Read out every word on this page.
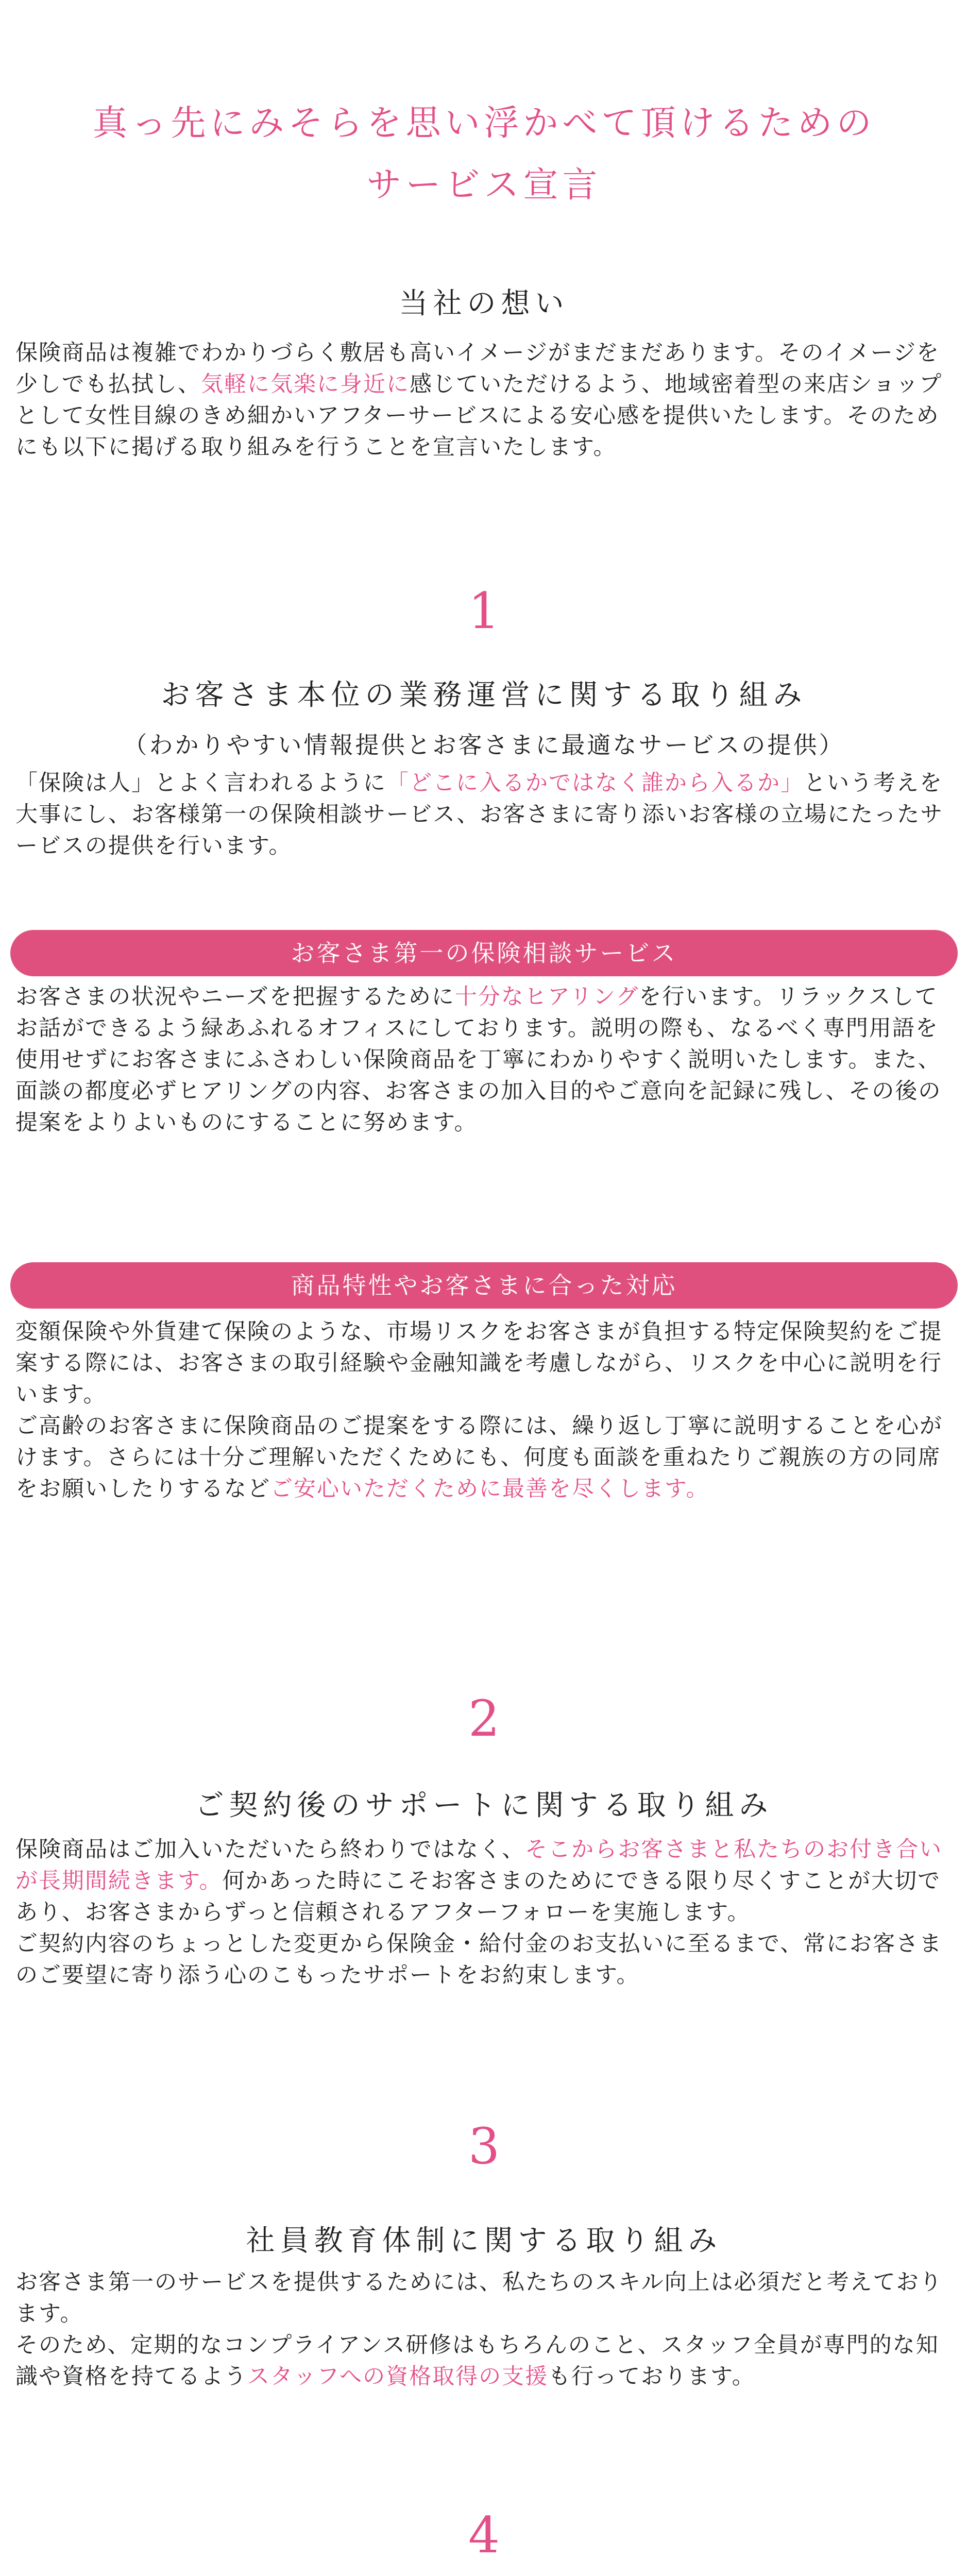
真っ先にみそらを思い浮かべて頂けるための
サービス宣言
当社の想い

保険商品は複雑でわかりづらく敷居も高いイメージがまだまだあります。そのイメージを少しでも払拭し、気軽に気楽に身近に感じていただけるよう、地域密着型の来店ショップとして女性目線のきめ細かいアフターサービスによる安心感を提供いたします。そのためにも以下に掲げる取り組みを行うことを宣言いたします。

1
お客さま本位の業務運営に関する取り組み
（わかりやすい情報提供とお客さまに最適なサービスの提供）

「保険は人」とよく言われるように「どこに入るかではなく誰から入るか」という考えを大事にし、お客様第一の保険相談サービス、お客さまに寄り添いお客様の立場にたったサービスの提供を行います。

お客さま第一の保険相談サービス

お客さまの状況やニーズを把握するために十分なヒアリングを行います。リラックスしてお話ができるよう緑あふれるオフィスにしております。説明の際も、なるべく専門用語を使用せずにお客さまにふさわしい保険商品を丁寧にわかりやすく説明いたします。また、面談の都度必ずヒアリングの内容、お客さまの加入目的やご意向を記録に残し、その後の提案をよりよいものにすることに努めます。

商品特性やお客さまに合った対応

変額保険や外貨建て保険のような、市場リスクをお客さまが負担する特定保険契約をご提案する際には、お客さまの取引経験や金融知識を考慮しながら、リスクを中心に説明を行います。

ご高齢のお客さまに保険商品のご提案をする際には、繰り返し丁寧に説明することを心がけます。さらには十分ご理解いただくためにも、何度も面談を重ねたりご親族の方の同席をお願いしたりするなどご安心いただくために最善を尽くします。

2
ご契約後のサポートに関する取り組み

保険商品はご加入いただいたら終わりではなく、そこからお客さまと私たちのお付き合いが長期間続きます。何かあった時にこそお客さまのためにできる限り尽くすことが大切であり、お客さまからずっと信頼されるアフターフォローを実施します。

ご契約内容のちょっとした変更から保険金・給付金のお支払いに至るまで、常にお客さまのご要望に寄り添う心のこもったサポートをお約束します。

3
社員教育体制に関する取り組み

お客さま第一のサービスを提供するためには、私たちのスキル向上は必須だと考えております。

そのため、定期的なコンプライアンス研修はもちろんのこと、スタッフ全員が専門的な知識や資格を持てるようスタッフへの資格取得の支援も行っております。

4
